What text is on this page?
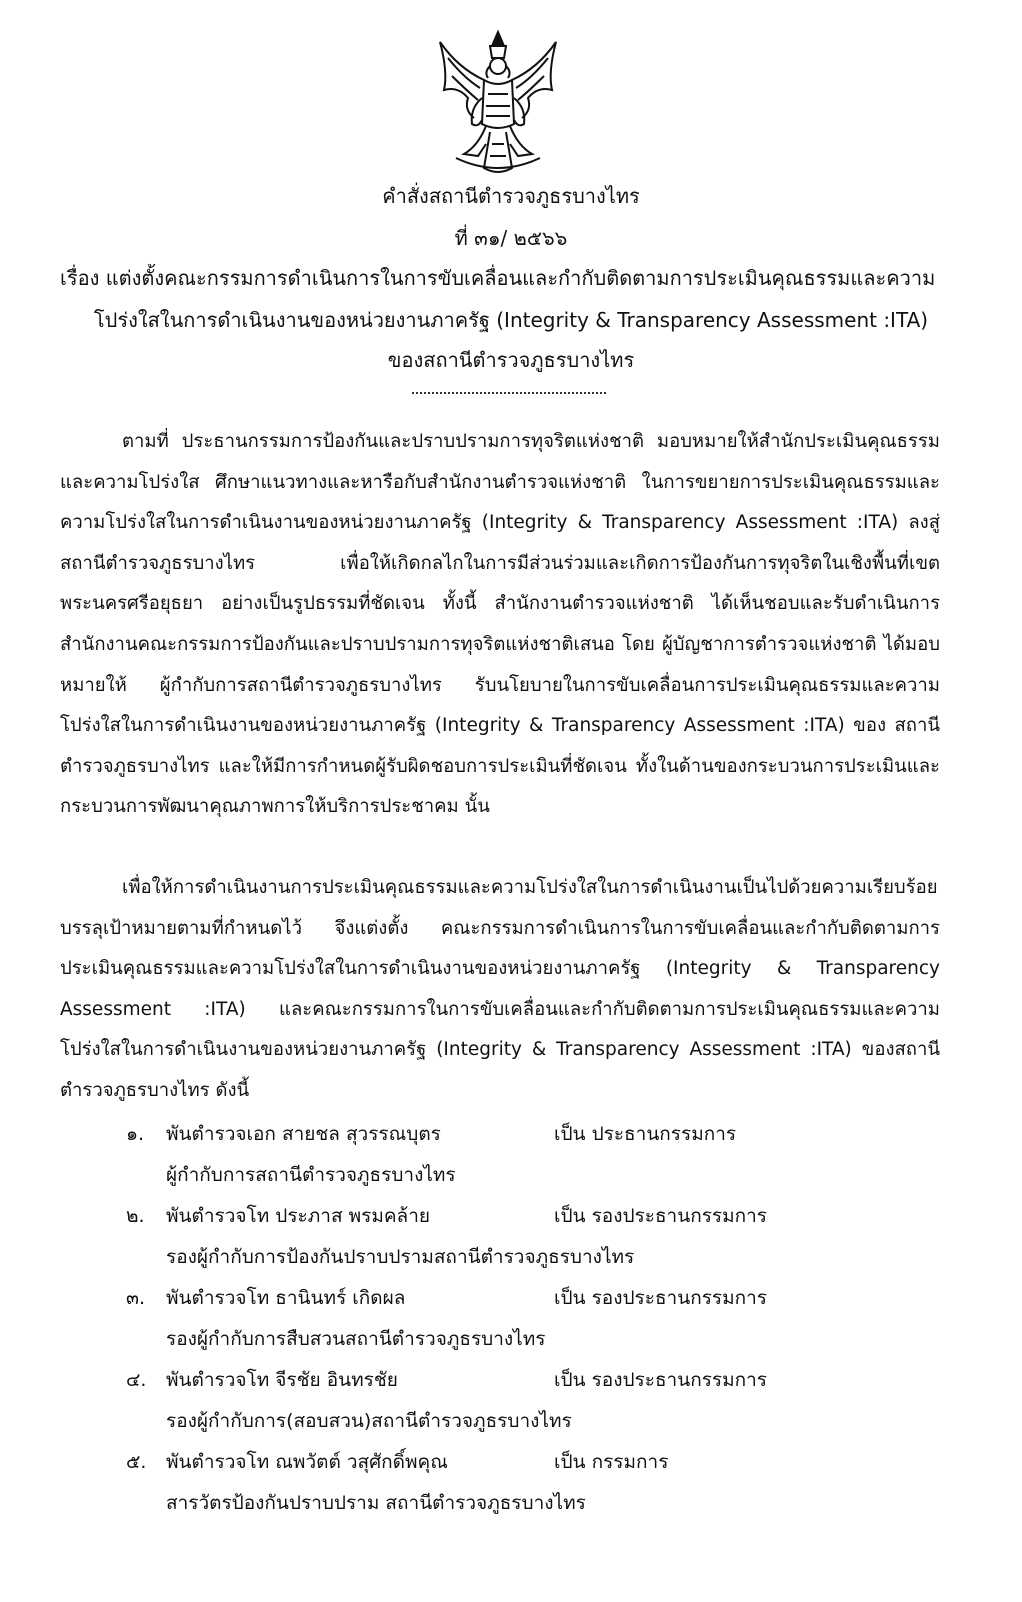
คำสั่งสถานีตำรวจภูธรบางไทร
ที่ ๓๑/ ๒๕๖๖
เรื่อง แต่งตั้งคณะกรรมการดำเนินการในการขับเคลื่อนและกำกับติดตามการประเมินคุณธรรมและความ
โปร่งใสในการดำเนินงานของหน่วยงานภาครัฐ (Integrity & Transparency Assessment :ITA)
ของสถานีตำรวจภูธรบางไทร
ตามที่ ประธานกรรมการป้องกันและปราบปรามการทุจริตแห่งชาติ มอบหมายให้สำนักประเมินคุณธรรมและความโปร่งใส ศึกษาแนวทางและหารือกับสำนักงานตำรวจแห่งชาติ ในการขยายการประเมินคุณธรรมและความโปร่งใสในการดำเนินงานของหน่วยงานภาครัฐ (Integrity & Transparency Assessment :ITA) ลงสู่ สถานีตำรวจภูธรบางไทร เพื่อให้เกิดกลไกในการมีส่วนร่วมและเกิดการป้องกันการทุจริตในเชิงพื้นที่เขตพระนครศรีอยุธยา อย่างเป็นรูปธรรมที่ชัดเจน ทั้งนี้ สำนักงานตำรวจแห่งชาติ ได้เห็นชอบและรับดำเนินการสำนักงานคณะกรรมการป้องกันและปราบปรามการทุจริตแห่งชาติเสนอ โดย ผู้บัญชาการตำรวจแห่งชาติ ได้มอบหมายให้ ผู้กำกับการสถานีตำรวจภูธรบางไทร รับนโยบายในการขับเคลื่อนการประเมินคุณธรรมและความโปร่งใสในการดำเนินงานของหน่วยงานภาครัฐ (Integrity & Transparency Assessment :ITA) ของ สถานีตำรวจภูธรบางไทร และให้มีการกำหนดผู้รับผิดชอบการประเมินที่ชัดเจน ทั้งในด้านของกระบวนการประเมินและกระบวนการพัฒนาคุณภาพการให้บริการประชาคม นั้น
เพื่อให้การดำเนินงานการประเมินคุณธรรมและความโปร่งใสในการดำเนินงานเป็นไปด้วยความเรียบร้อย บรรลุเป้าหมายตามที่กำหนดไว้ จึงแต่งตั้ง คณะกรรมการดำเนินการในการขับเคลื่อนและกำกับติดตามการประเมินคุณธรรมและความโปร่งใสในการดำเนินงานของหน่วยงานภาครัฐ (Integrity & Transparency Assessment :ITA) และคณะกรรมการในการขับเคลื่อนและกำกับติดตามการประเมินคุณธรรมและความโปร่งใสในการดำเนินงานของหน่วยงานภาครัฐ (Integrity & Transparency Assessment :ITA) ของสถานีตำรวจภูธรบางไทร ดังนี้
๑. พันตำรวจเอก สายชล สุวรรณบุตร	เป็น ประธานกรรมการ
ผู้กำกับการสถานีตำรวจภูธรบางไทร
๒. พันตำรวจโท ประภาส พรมคล้าย	เป็น รองประธานกรรมการ
รองผู้กำกับการป้องกันปราบปรามสถานีตำรวจภูธรบางไทร
๓. พันตำรวจโท ธานินทร์ เกิดผล	เป็น รองประธานกรรมการ
รองผู้กำกับการสืบสวนสถานีตำรวจภูธรบางไทร
๔. พันตำรวจโท จีรชัย อินทรชัย	เป็น รองประธานกรรมการ
รองผู้กำกับการ(สอบสวน)สถานีตำรวจภูธรบางไทร
๕. พันตำรวจโท ณพวัตต์ วสุศักดิ์พคุณ	เป็น กรรมการ
สารวัตรป้องกันปราบปราม สถานีตำรวจภูธรบางไทร
